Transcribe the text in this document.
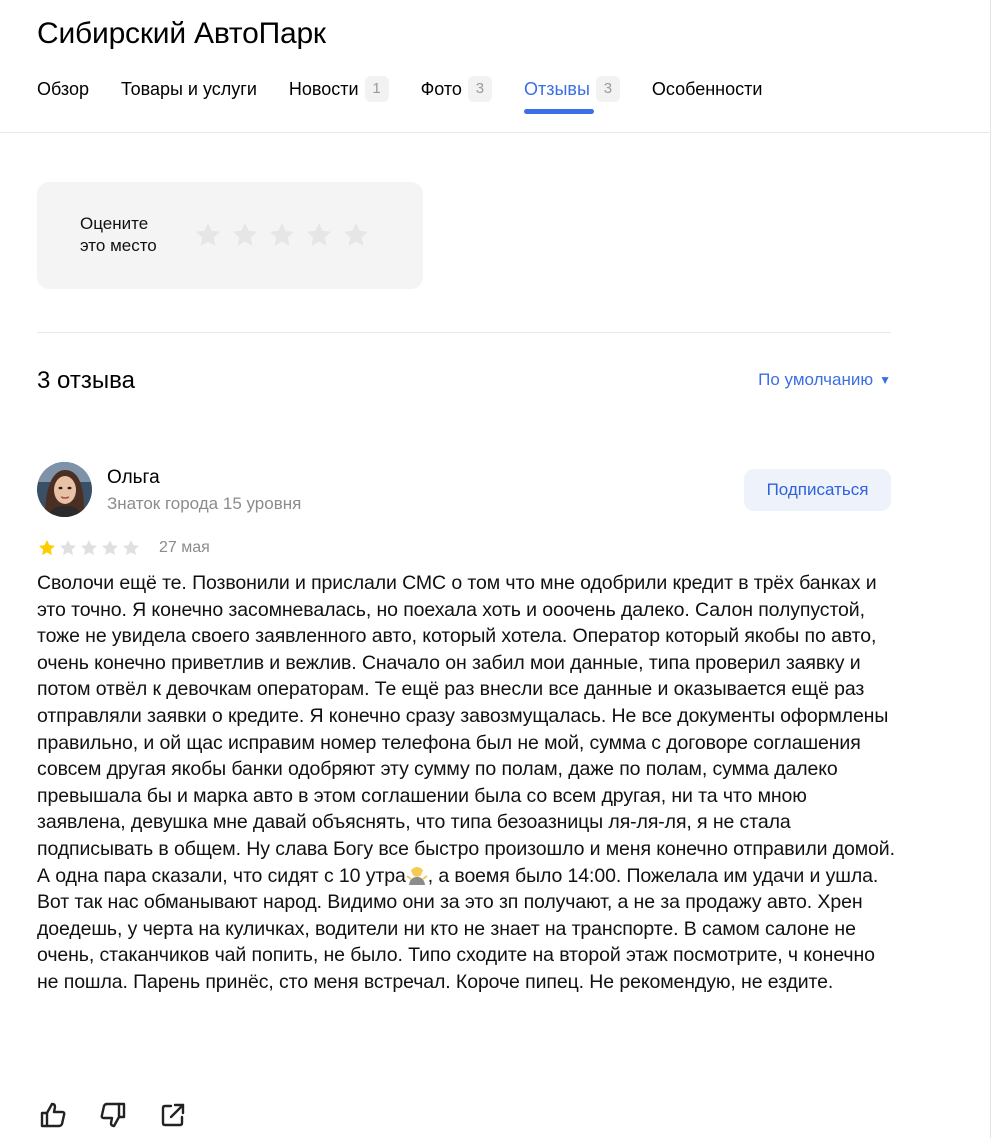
Сибирский АвтоПарк
Обзор Товары и услуги Новости 1	Фото 3	Отзывы 3	Особенности
Оцените
это место
3 отзыва	По умолчанию ▼
Ольга
Знаток города 15 уровня
Подписаться
27 мая
Сволочи ещё те. Позвонили и прислали СМС о том что мне одобрили кредит в трёх банках и это точно. Я конечно засомневалась, но поехала хоть и ооочень далеко. Салон полупустой, тоже не увидела своего заявленного авто, который хотела. Оператор который якобы по авто, очень конечно приветлив и вежлив. Сначало он забил мои данные, типа проверил заявку и потом отвёл к девочкам операторам. Те ещё раз внесли все данные и оказывается ещё раз отправляли заявки о кредите. Я конечно сразу завозмущалась. Не все документы оформлены правильно, и ой щас исправим номер телефона был не мой, сумма с договоре соглашения совсем другая якобы банки одобряют эту сумму по полам, даже по полам, сумма далеко превышала бы и марка авто в этом соглашении была со всем другая, ни та что мною заявлена, девушка мне давай объяснять, что типа безоазницы ля-ля-ля, я не стала подписывать в общем. Ну слава Богу все быстро произошло и меня конечно отправили домой. А одна пара сказали, что сидят с 10 утра , а воемя было 14:00. Пожелала им удачи и ушла.
Вот так нас обманывают народ. Видимо они за это зп получают, а не за продажу авто. Хрен доедешь, у черта на куличках, водители ни кто не знает на транспорте. В самом салоне не очень, стаканчиков чай попить, не было. Типо сходите на второй этаж посмотрите, ч конечно не пошла. Парень принёс, сто меня встречал. Короче пипец. Не рекомендую, не ездите.
